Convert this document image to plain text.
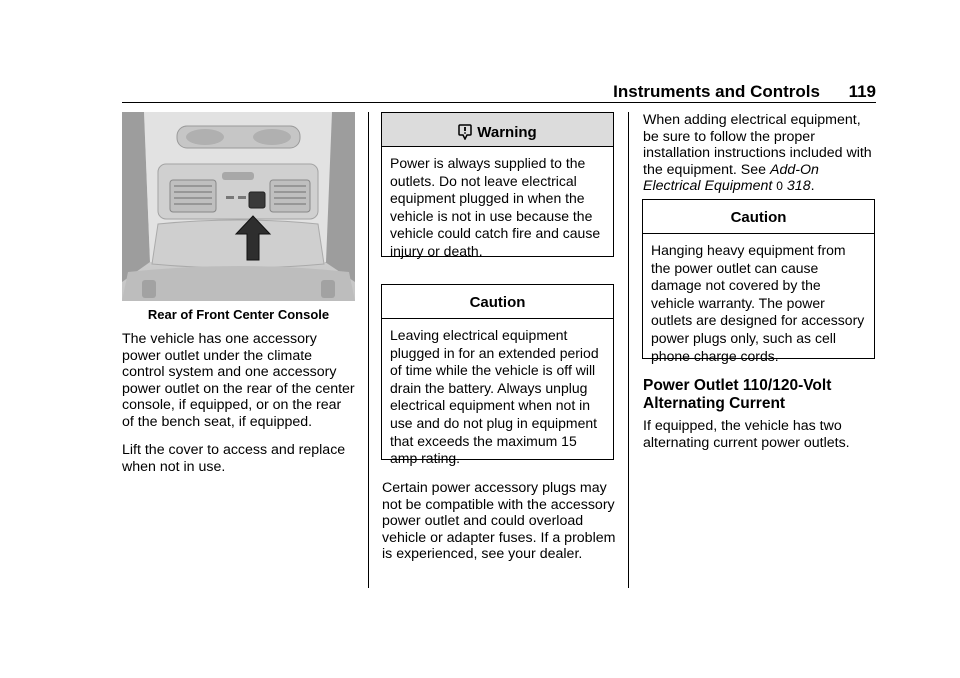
Instruments and Controls 119

Rear of Front Center Console

The vehicle has one accessory power outlet under the climate control system and one accessory power outlet on the rear of the center console, if equipped, or on the rear of the bench seat, if equipped.

Lift the cover to access and replace when not in use.

Warning
Power is always supplied to the outlets. Do not leave electrical equipment plugged in when the vehicle is not in use because the vehicle could catch fire and cause injury or death.
Caution
Leaving electrical equipment plugged in for an extended period of time while the vehicle is off will drain the battery. Always unplug electrical equipment when not in use and do not plug in equipment that exceeds the maximum 15 amp rating.

Certain power accessory plugs may not be compatible with the accessory power outlet and could overload vehicle or adapter fuses. If a problem is experienced, see your dealer.

When adding electrical equipment, be sure to follow the proper installation instructions included with the equipment. See Add-On Electrical Equipment 0 318.

Caution
Hanging heavy equipment from the power outlet can cause damage not covered by the vehicle warranty. The power outlets are designed for accessory power plugs only, such as cell phone charge cords.
Power Outlet 110/120-Volt Alternating Current

If equipped, the vehicle has two alternating current power outlets.
